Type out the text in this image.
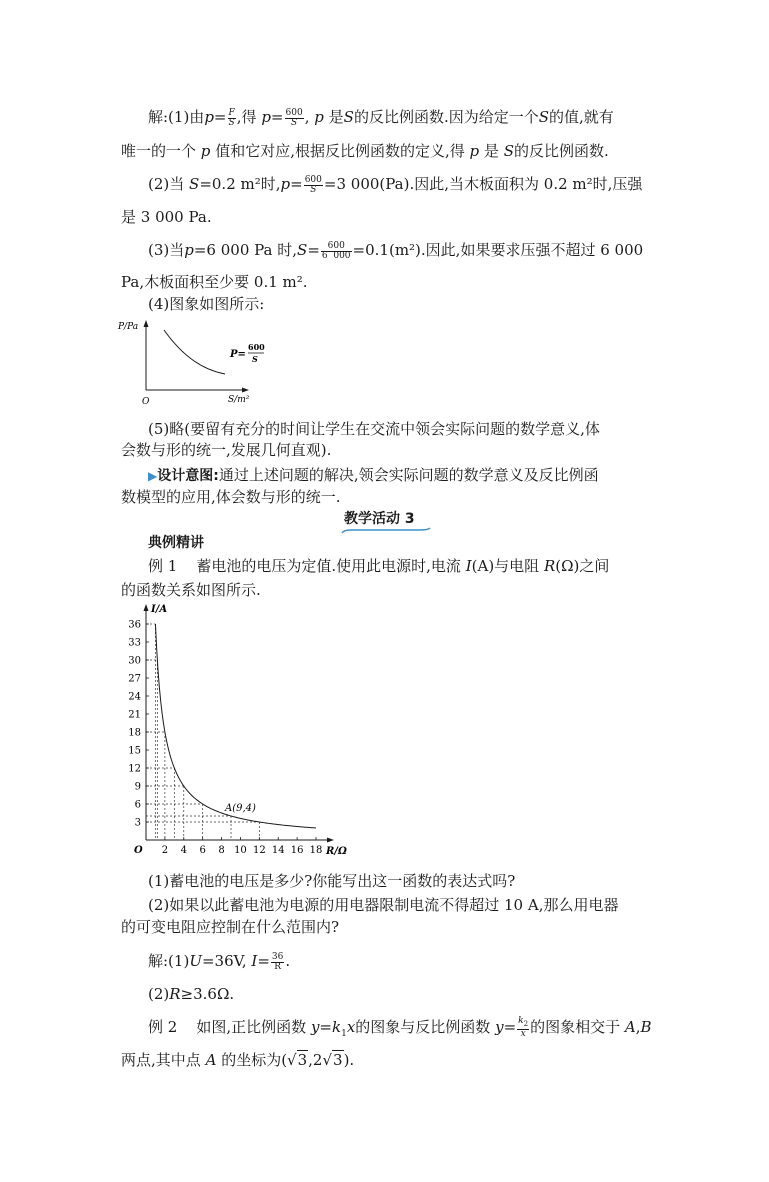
解:(1)由$p= \frac{F}{S}$ ,得 $p= \frac{600}{S}$ , p 是S的反比例函数.因为给定一个S的值,就有
唯一的一个 p 值和它对应,根据反比例函数的定义,得 p 是 S的反比例函数.
(2)当 S=0.2 m²时$,p= \frac{600}{S} =3$ 000(Pa).因此,当木板面积为 0.2 m²时,压强
是 3 000 Pa.
(3)当p=6 000 Pa 时$,S= \frac{600}{6 000} =0.1(m^2)$.因此,如果要求压强不超过 6 000
Pa,木板面积至少要 0.1 m².
(4)图象如图所示:
P/Pa
S/m²
O
P=
600
S
(5)略(要留有充分的时间让学生在交流中领会实际问题的数学意义,体
会数与形的统一,发展几何直观).
▶设计意图:通过上述问题的解决,领会实际问题的数学意义及反比例函
数模型的应用,体会数与形的统一.
教学活动 3
典例精讲
例 1    蓄电池的电压为定值.使用此电源时,电流 I(A)与电阻 R(Ω)之间
的函数关系如图所示.
2 4 6 8 10 12 14 16 18
3
6
9
12
15
18
21
24
27
30
33
36
O	R/Ω
I/A
A(9,4)
(1)蓄电池的电压是多少?你能写出这一函数的表达式吗?
(2)如果以此蓄电池为电源的用电器限制电流不得超过 10 A,那么用电器
的可变电阻应控制在什么范围内?
解:(1)U=36V, $I= \frac{36}{R}$ .
(2)R≥3.6Ω.
例 2    如图,正比例函数 $y=k_1x$的图象与反比例函数 $y= \frac{k_2}{x}$ 的图象相交于 A,B
两点,其中点 A 的坐标为(√3,2√3).
